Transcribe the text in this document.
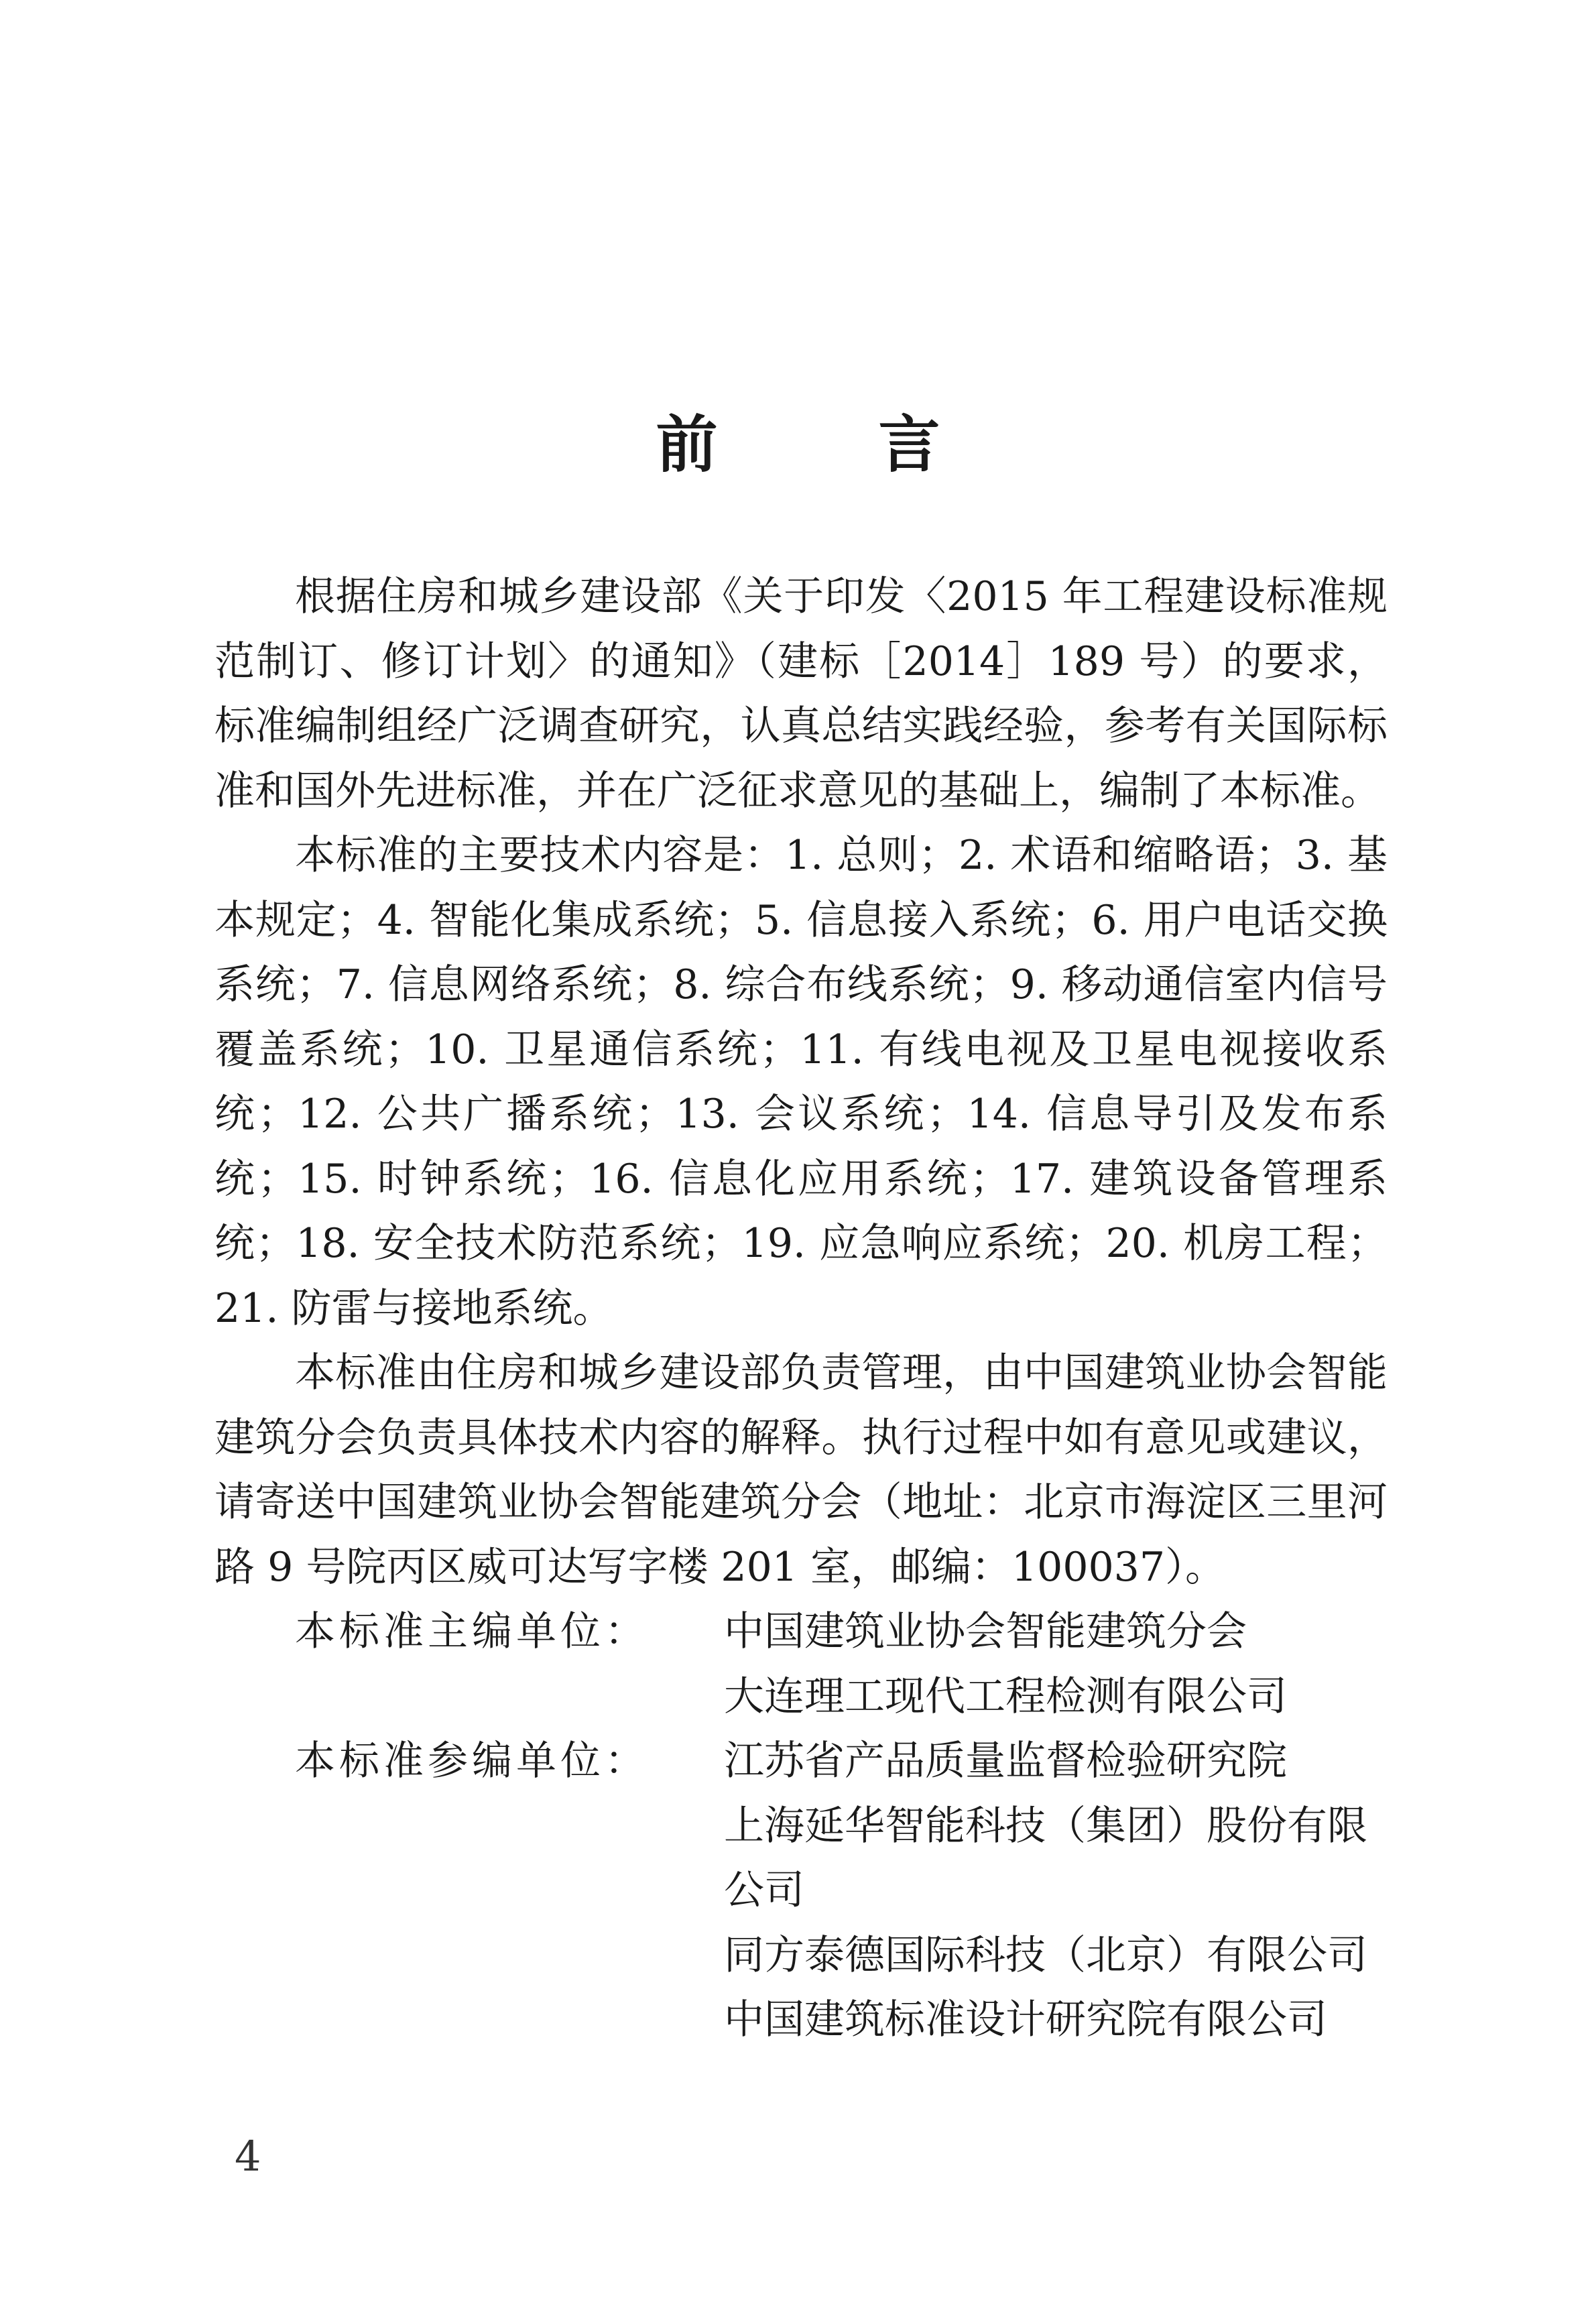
前言

根据住房和城乡建设部《关于印发〈2015 年工程建设标准规范制订、修订计划〉的通知》（建标［2014］189 号）的要求，标准编制组经广泛调查研究，认真总结实践经验，参考有关国际标准和国外先进标准，并在广泛征求意见的基础上，编制了本标准。

本标准的主要技术内容是：1. 总则；2. 术语和缩略语；3. 基本规定；4. 智能化集成系统；5. 信息接入系统；6. 用户电话交换系统；7. 信息网络系统；8. 综合布线系统；9. 移动通信室内信号覆盖系统；10. 卫星通信系统；11. 有线电视及卫星电视接收系统；12. 公共广播系统；13. 会议系统；14. 信息导引及发布系统；15. 时钟系统；16. 信息化应用系统；17. 建筑设备管理系统；18. 安全技术防范系统；19. 应急响应系统；20. 机房工程；21. 防雷与接地系统。

本标准由住房和城乡建设部负责管理，由中国建筑业协会智能建筑分会负责具体技术内容的解释。执行过程中如有意见或建议，请寄送中国建筑业协会智能建筑分会（地址：北京市海淀区三里河路 9 号院丙区威可达写字楼 201 室，邮编：100037）。

本标准主编单位：	中国建筑业协会智能建筑分会
大连理工现代工程检测有限公司
本标准参编单位：	江苏省产品质量监督检验研究院
上海延华智能科技（集团）股份有限公司
同方泰德国际科技（北京）有限公司
中国建筑标准设计研究院有限公司
4
